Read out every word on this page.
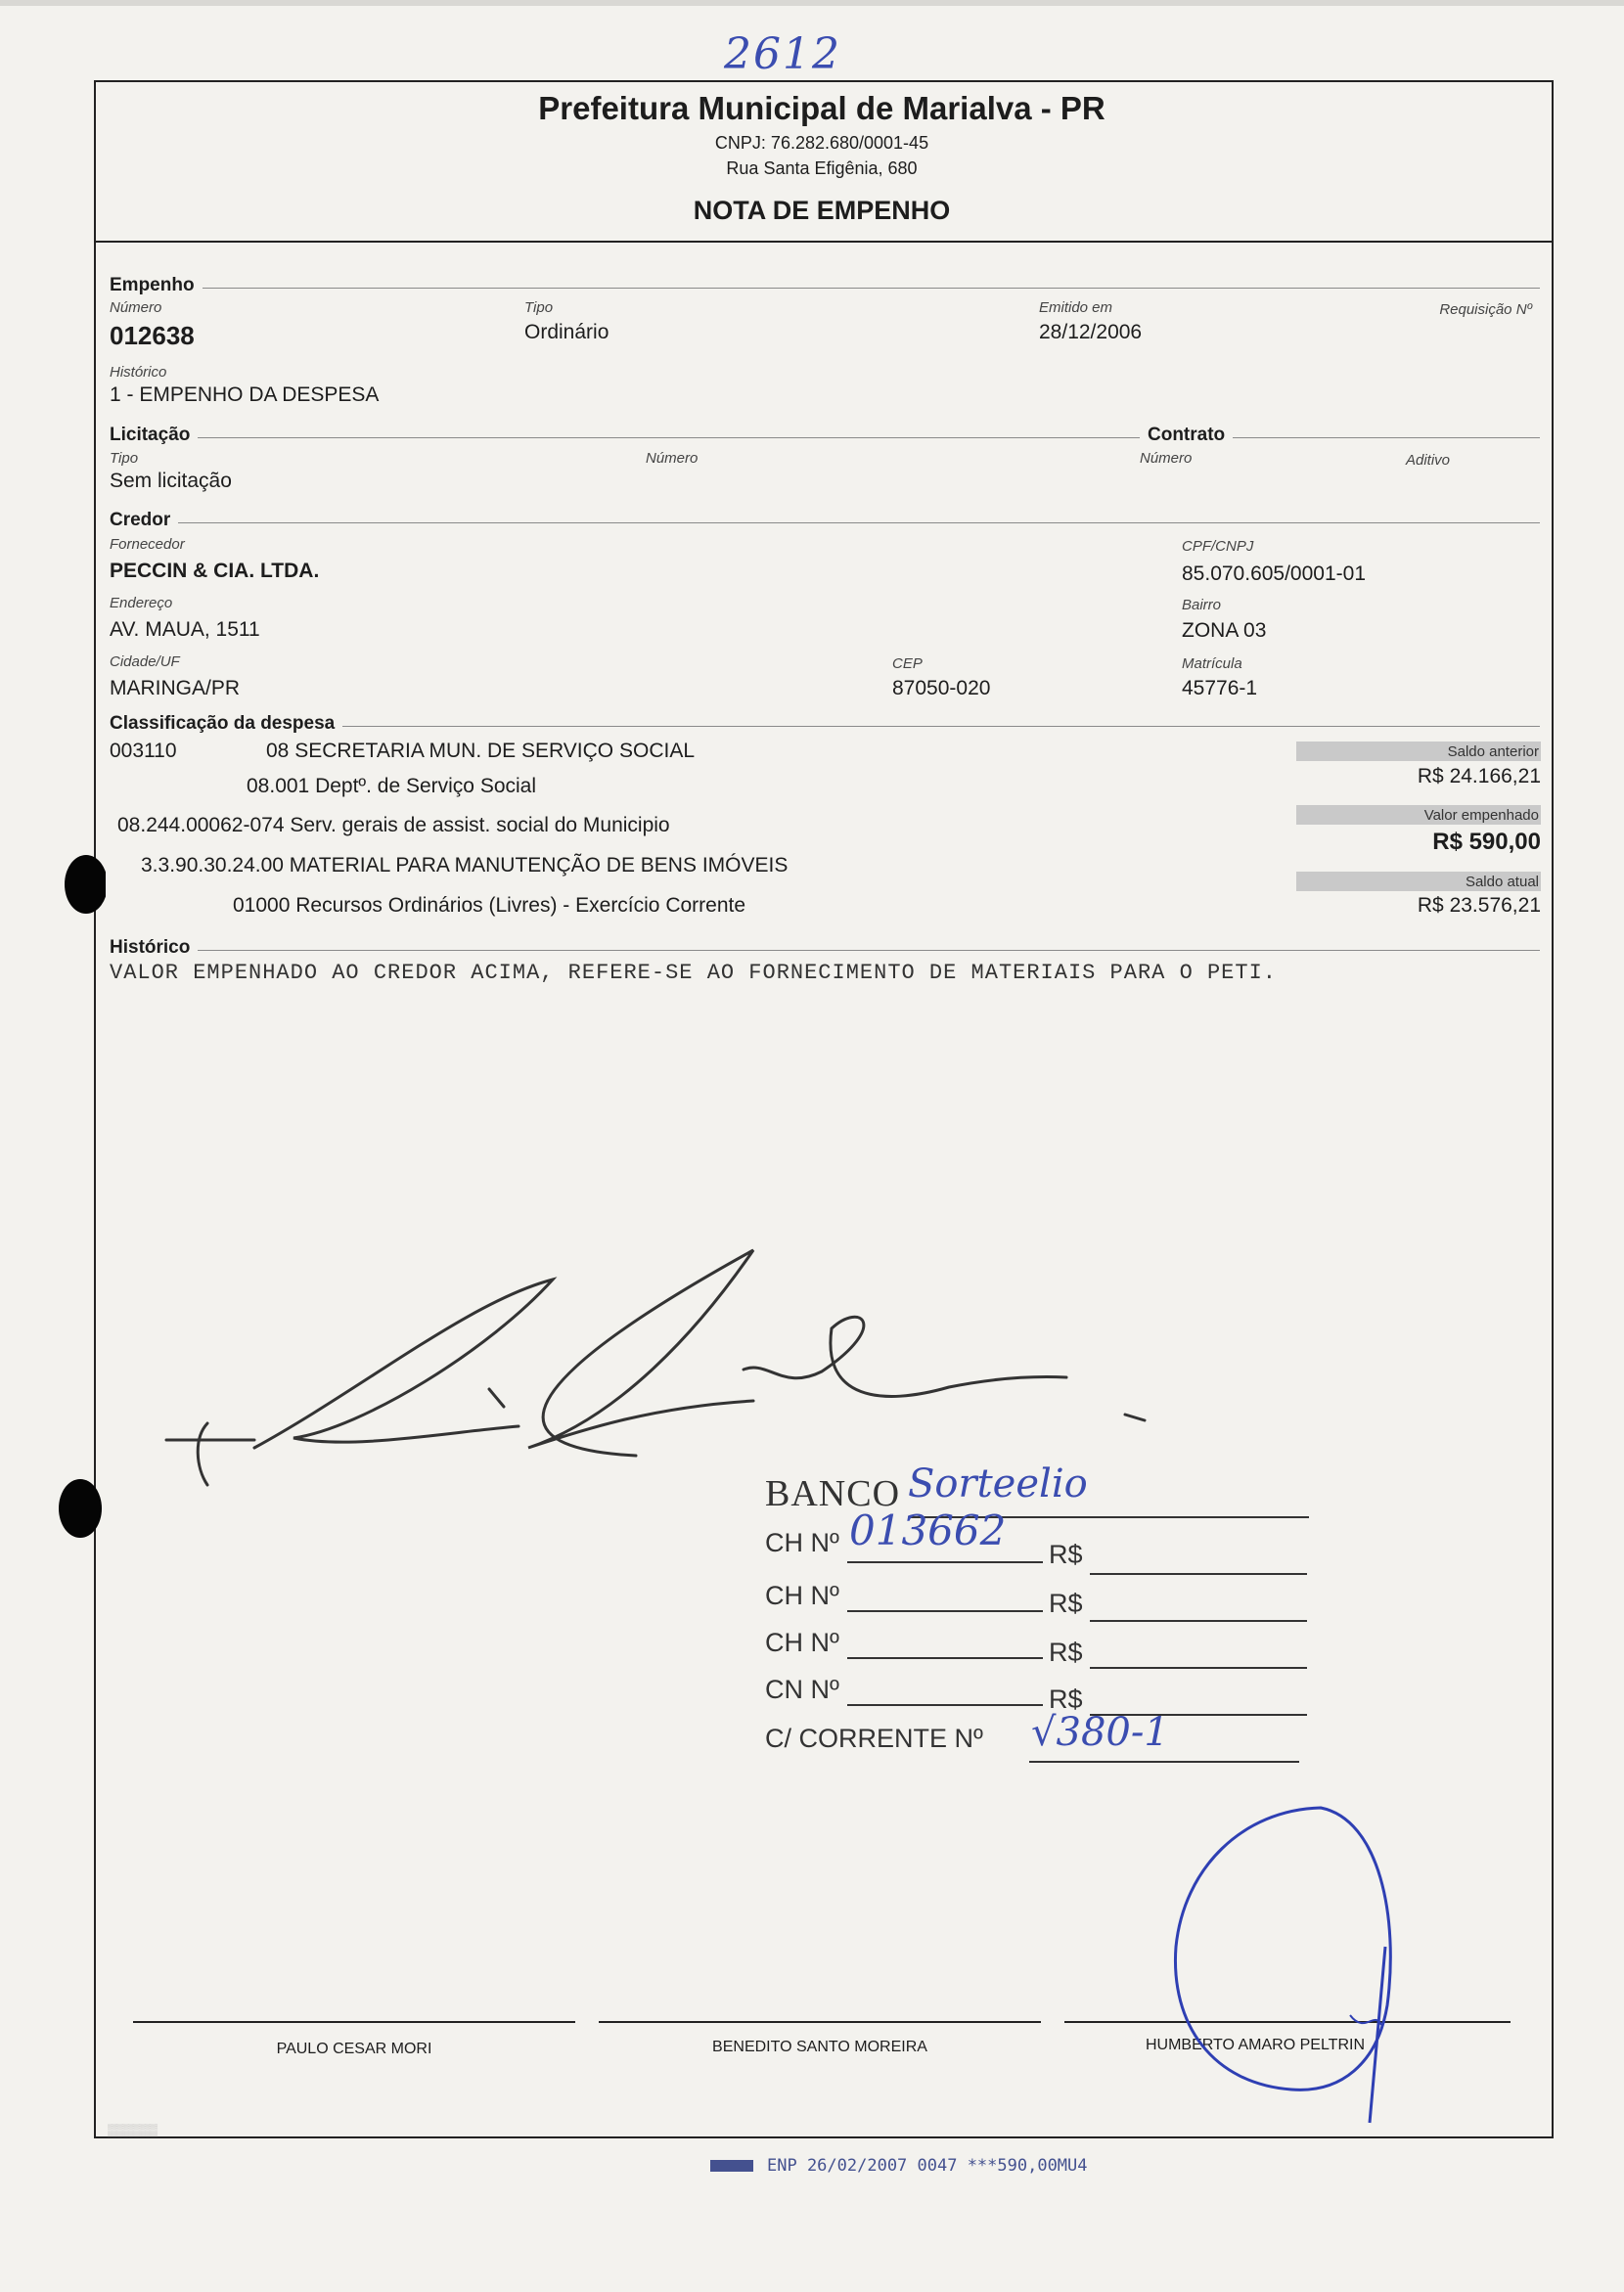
2612
Prefeitura Municipal de Marialva - PR
CNPJ: 76.282.680/0001-45
Rua Santa Efigênia, 680
NOTA DE EMPENHO
Empenho
Número
012638
Tipo
Ordinário
Emitido em
28/12/2006
Requisição Nº
Histórico
1 - EMPENHO DA DESPESA
Licitação	Contrato
Tipo
Sem licitação
Número	Número	Aditivo
Credor
Fornecedor
PECCIN & CIA. LTDA.
CPF/CNPJ
85.070.605/0001-01
Endereço
AV. MAUA, 1511
Bairro
ZONA 03
Cidade/UF
MARINGA/PR
CEP
87050-020
Matrícula
45776-1
Classificação da despesa
003110	08 SECRETARIA MUN. DE SERVIÇO SOCIAL
08.001 Deptº. de Serviço Social
08.244.00062-074 Serv. gerais de assist. social do Municipio
3.3.90.30.24.00 MATERIAL PARA MANUTENÇÃO DE BENS IMÓVEIS
01000 Recursos Ordinários (Livres) - Exercício Corrente
Saldo anterior
R$ 24.166,21
Valor empenhado
R$ 590,00
Saldo atual
R$ 23.576,21
Histórico
VALOR EMPENHADO AO CREDOR ACIMA, REFERE-SE AO FORNECIMENTO DE MATERIAIS PARA O PETI.
BANCO Sorteelio
CH Nº 013662 R$
CH Nº	R$
CH Nº	R$
CN Nº	R$
C/ CORRENTE Nº √380-1
PAULO CESAR MORI	BENEDITO SANTO MOREIRA	HUMBERTO AMARO PELTRIN
▒▒▒▒▒▒
ENP 26/02/2007 0047 ***590,00MU4
